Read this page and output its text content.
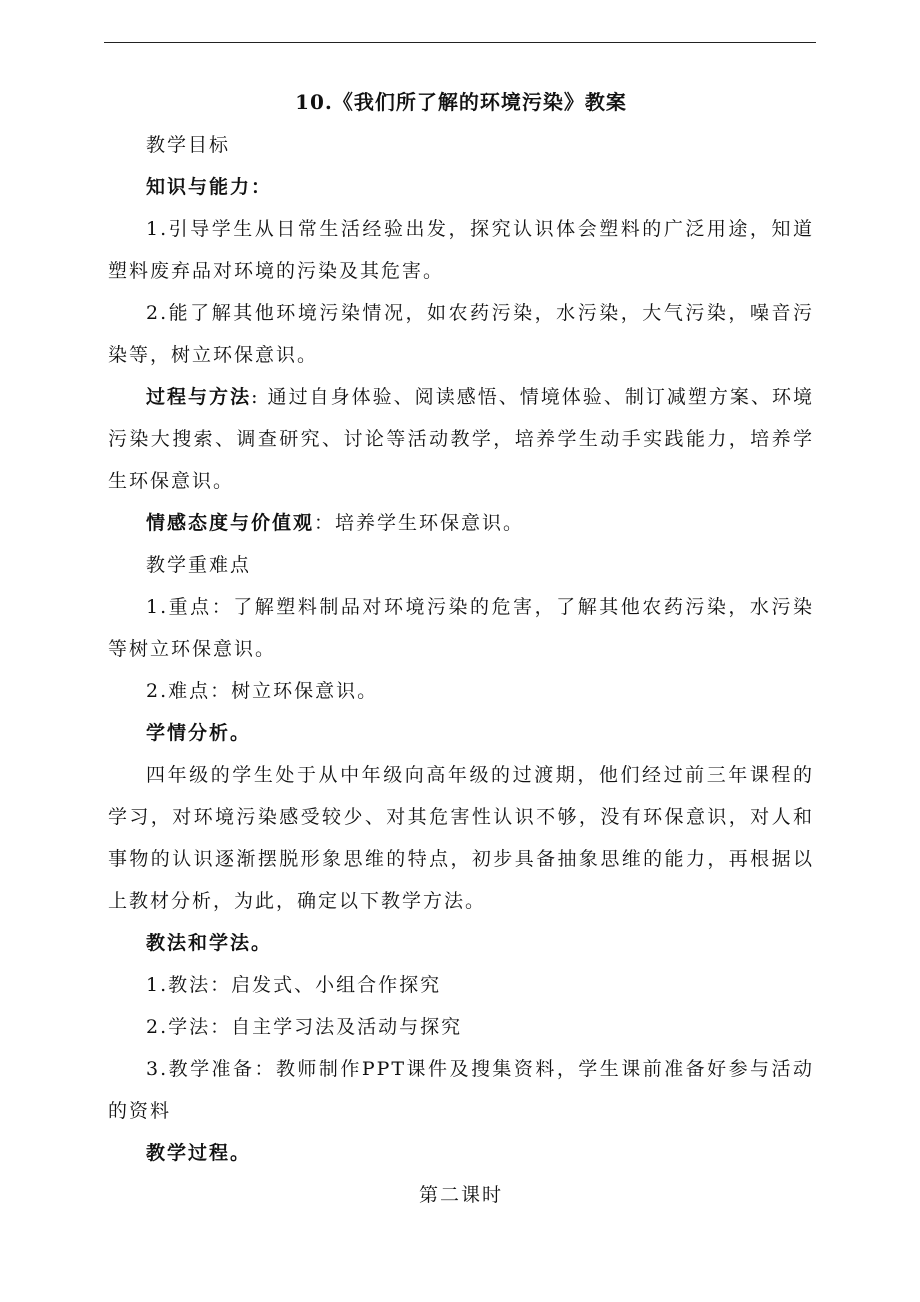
10.《我们所了解的环境污染》教案

教学目标

知识与能力：

1.引导学生从日常生活经验出发，探究认识体会塑料的广泛用途，知道塑料废弃品对环境的污染及其危害。

2.能了解其他环境污染情况，如农药污染，水污染，大气污染，噪音污染等，树立环保意识。

过程与方法: 通过自身体验、阅读感悟、情境体验、制订减塑方案、环境污染大搜索、调查研究、讨论等活动教学，培养学生动手实践能力，培养学生环保意识。

情感态度与价值观：培养学生环保意识。

教学重难点

1.重点：了解塑料制品对环境污染的危害，了解其他农药污染，水污染等树立环保意识。

2.难点：树立环保意识。

学情分析。

四年级的学生处于从中年级向高年级的过渡期，他们经过前三年课程的学习，对环境污染感受较少、对其危害性认识不够，没有环保意识，对人和事物的认识逐渐摆脱形象思维的特点，初步具备抽象思维的能力，再根据以上教材分析，为此，确定以下教学方法。

教法和学法。

1.教法：启发式、小组合作探究

2.学法：自主学习法及活动与探究

3.教学准备：教师制作PPT课件及搜集资料，学生课前准备好参与活动的资料

教学过程。

第二课时
